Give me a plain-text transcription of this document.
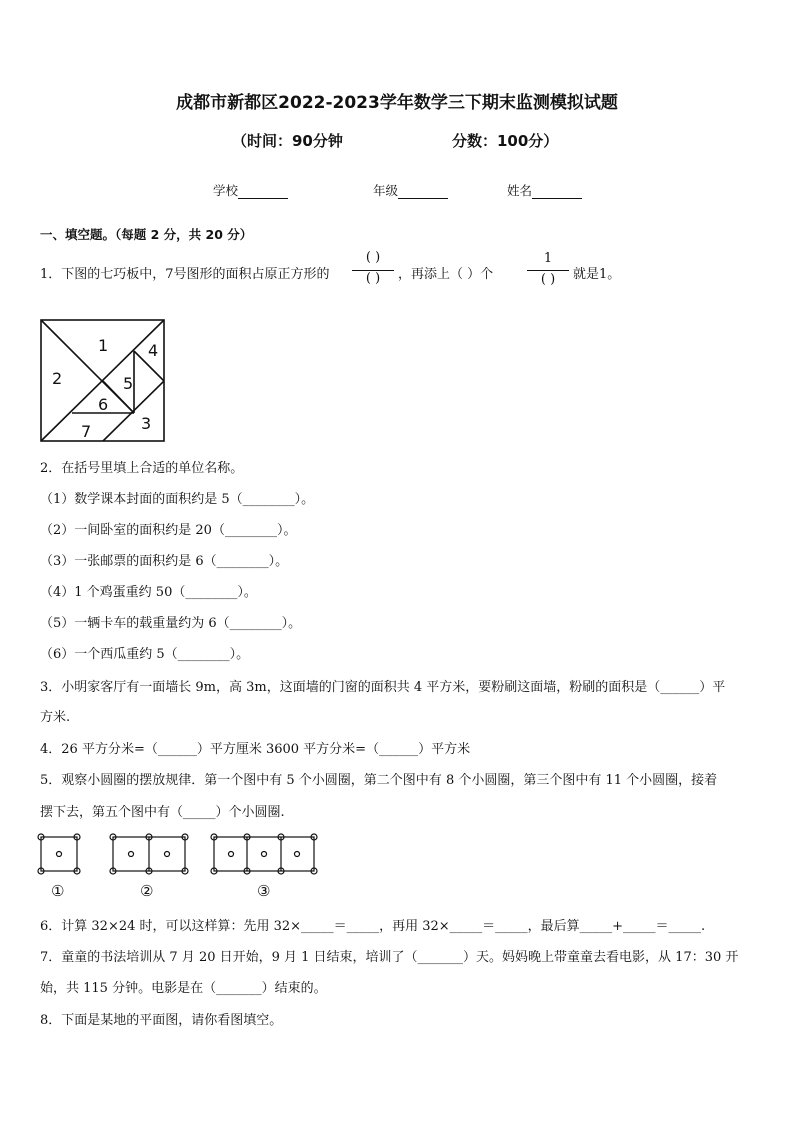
成都市新都区2022-2023学年数学三下期末监测模拟试题
（时间：90分钟	分数：100分）
学校	年级	姓名
一、填空题。（每题 2 分，共 20 分）
1．下图的七巧板中，7号图形的面积占原正方形的
( )
( )	，再添上（ ）个
1
( )	就是1。
1
2
3
4
5
6
7
2．在括号里填上合适的单位名称。
（1）数学课本封面的面积约是 5（________）。
（2）一间卧室的面积约是 20（________）。
（3）一张邮票的面积约是 6（________）。
（4）1 个鸡蛋重约 50（________）。
（5）一辆卡车的载重量约为 6（________）。
（6）一个西瓜重约 5（________）。
3．小明家客厅有一面墙长 9m，高 3m，这面墙的门窗的面积共 4 平方米，要粉刷这面墙，粉刷的面积是（______）平
方米.
4．26 平方分米=（______）平方厘米 3600 平方分米=（______）平方米
5．观察小圆圈的摆放规律．第一个图中有 5 个小圆圈，第二个图中有 8 个小圆圈，第三个图中有 11 个小圆圈，接着
摆下去，第五个图中有（_____）个小圆圈.
①	②	③
6．计算 32×24 时，可以这样算：先用 32×_____＝_____，再用 32×_____＝_____，最后算_____+_____＝_____.
7．童童的书法培训从 7 月 20 日开始，9 月 1 日结束，培训了（_______）天。妈妈晚上带童童去看电影，从 17：30 开
始，共 115 分钟。电影是在（_______）结束的。
8．下面是某地的平面图，请你看图填空。
